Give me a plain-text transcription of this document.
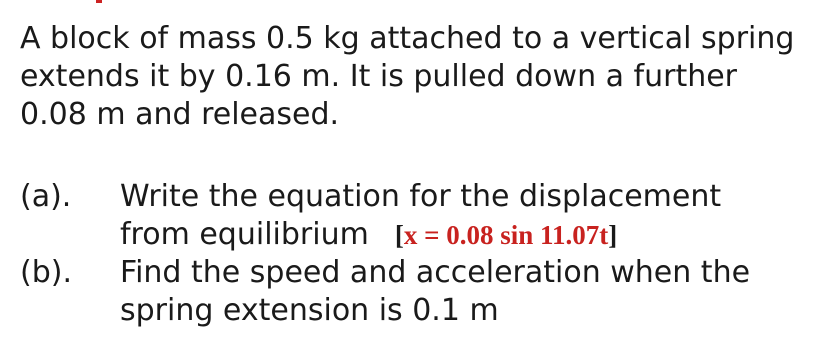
A block of mass 0.5 kg attached to a vertical spring
extends it by 0.16 m. It is pulled down a further
0.08 m and released.
(a). Write the equation for the displacement
from equilibrium [x = 0.08 sin 11.07t]
(b). Find the speed and acceleration when the
spring extension is 0.1 m
